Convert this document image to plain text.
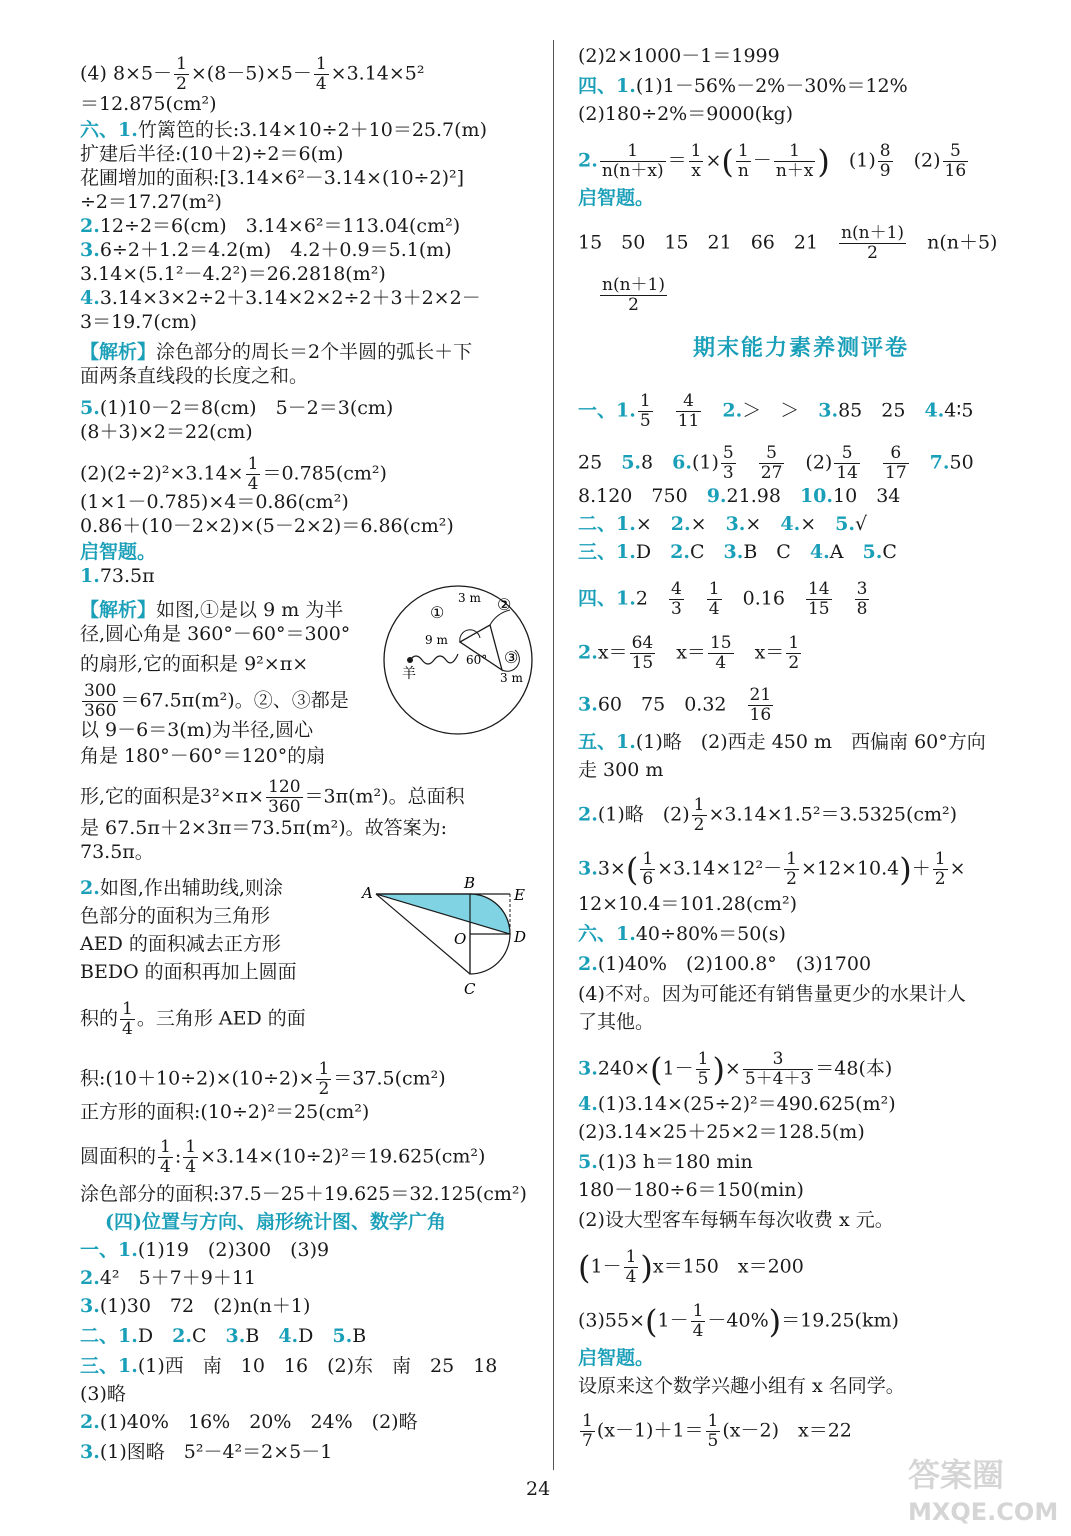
(4) $8\times 5- \frac{1}{2} \times(8-5)\times 5- \frac{1}{4} \times 3.14\times 5^2$
＝12.875(cm²)
六、1.竹篱笆的长:3.14×10÷2＋10＝25.7(m)
扩建后半径:(10＋2)÷2＝6(m)
花圃增加的面积:[3.14×6²－3.14×(10÷2)²]
÷2＝17.27(m²)
2.12÷2＝6(cm)　3.14×6²＝113.04(cm²)
3.6÷2＋1.2＝4.2(m)　4.2＋0.9＝5.1(m)
3.14×(5.1²－4.2²)＝26.2818(m²)
4.3.14×3×2÷2＋3.14×2×2÷2＋3＋2×2－
3＝19.7(cm)
【解析】涂色部分的周长＝2个半圆的弧长＋下
面两条直线段的长度之和。
5.(1)10－2＝8(cm)　5－2＝3(cm)
(8＋3)×2＝22(cm)
$(2)(2\div 2)^2\times 3.14\times \frac{1}{4} =0.785(cm^2)$
(1×1－0.785)×4＝0.86(cm²)
0.86＋(10－2×2)×(5－2×2)＝6.86(cm²)
启智题。
1.73.5π
【解析】如图,①是以 9 m 为半
径,圆心角是 360°－60°＝300°
的扇形,它的面积是 9²×π×
$\frac{300}{360} =67.5\pi(m^2)$。②、③都是
以 9－6＝3(m)为半径,圆心
角是 180°－60°＝120°的扇
形,它的面积是$3^2\times\pi\times \frac{120}{360} =3\pi(m^2)$。总面积
是 67.5π＋2×3π＝73.5π(m²)。故答案为:
73.5π。
2.如图,作出辅助线,则涂
色部分的面积为三角形
AED 的面积减去正方形
BEDO 的面积再加上圆面
积的 $\frac{1}{4}$ 。三角形 AED 的面
积:(10＋10÷2)×(10÷2)× $\frac{1}{2} =37.5(cm^2)$
正方形的面积:(10÷2)²＝25(cm²)
圆面积的 $\frac{1}{4}$ : $\frac{1}{4} \times 3.14\times(10\div 2)^2=19.625(cm^2)$
涂色部分的面积:37.5－25＋19.625＝32.125(cm²)
(四)位置与方向、扇形统计图、数学广角
一、1.(1)19　(2)300　(3)9
2.4²　5＋7＋9＋11
3.(1)30　72　(2)n(n＋1)
二、1.D　 2.C　 3.B　 4.D　 5.B
三、1.(1)西　南　10　16　(2)东　南　25　18
(3)略
2.(1)40%　16%　20%　24%　(2)略
3.(1)图略　5²－4²＝2×5－1
①	②
③
3 m
9 m
60°
3 m
羊
A
B
E
O	D
C
(2)2×1000－1＝1999
四、1.(1)1－56%－2%－30%＝12%
(2)180÷2%＝9000(kg)
2. $\frac{1}{n(n+x)} = \frac{1}{x}$ ×( $\frac{1}{n} - \frac{1}{n+x}$ )　 $(1) \frac{8}{9}$
　 $(2) \frac{5}{16}$
启智题。
15　50　15　21　66　21　 $\frac{n(n+1)}{2}$
　 n(n＋5)
$\frac{n(n+1)}{2}$
期末能力素养测评卷
一、1. $\frac{1}{5}$
　 $\frac{4}{11}$
　 2.＞　＞　 3.85　25　 4.4∶5
25　 5.8　 $6.(1) \frac{5}{3}$
　 $\frac{5}{27}$
　 $(2) \frac{5}{14}$
　 $\frac{6}{17}$
　 7.50
8.120　750　 9.21.98　 10.10　34
二、1.×　 2.×　 3.×　 4.×　 5.√
三、1.D　 2.C　 3.B　C　 4.A　 5.C
四、1.2　 $\frac{4}{3}$
　 $\frac{1}{4}$
　 0.16　 $\frac{14}{15}$
　 $\frac{3}{8}$
$2.x= \frac{64}{15}$
　 $x= \frac{15}{4}$
　 $x= \frac{1}{2}$
3.60　75　0.32　 $\frac{21}{16}$
五、1.(1)略　(2)西走 450 m　西偏南 60°方向
走 300 m
2.(1)略　$(2) \frac{1}{2} \times 3.14\times 1.5^2=3.5325(cm^2)$
$3.3\times( \frac{1}{6} \times 3.14\times 12^2- \frac{1}{2} \times 12\times 10.4)+ \frac{1}{2}$ ×
12×10.4＝101.28(cm²)
六、1.40÷80%＝50(s)
2.(1)40%　(2)100.8°　(3)1700
(4)不对。因为可能还有销售量更少的水果计人
了其他。
$3.240\times(1- \frac{1}{5}$ )× $\frac{3}{5+4+3} =48$(本)
4.(1)3.14×(25÷2)²＝490.625(m²)
(2)3.14×25＋25×2＝128.5(m)
5.(1)3 h＝180 min
180－180÷6＝150(min)
(2)设大型客车每辆车每次收费 x 元。
$(1- \frac{1}{4} )x=150$　x＝200
$(3)55\times(1- \frac{1}{4} -40\%)=19.25(km)$
启智题。
设原来这个数学兴趣小组有 x 名同学。
$\frac{1}{7} (x-1)+1= \frac{1}{5} (x-2)$　x＝22
24	答案圈
MXQE.COM
